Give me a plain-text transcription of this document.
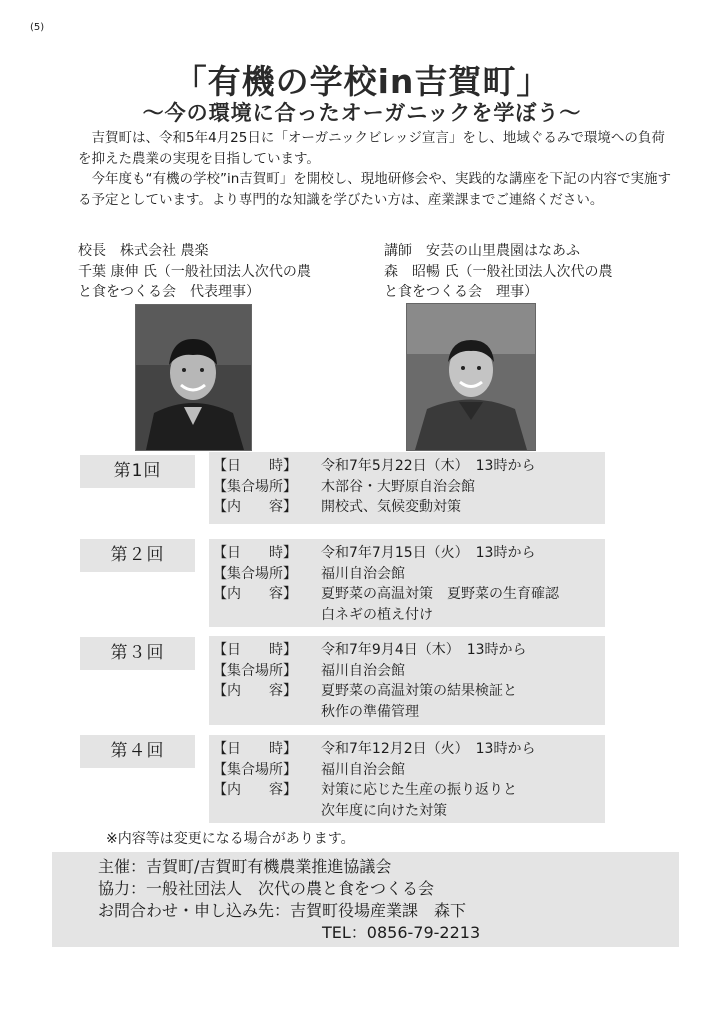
(5)
「有機の学校in吉賀町」
～今の環境に合ったオーガニックを学ぼう～

吉賀町は、令和5年4月25日に「オーガニックビレッジ宣言」をし、地域ぐるみで環境への負荷を抑えた農業の実現を目指しています。

今年度も“有機の学校”in吉賀町」を開校し、現地研修会や、実践的な講座を下記の内容で実施する予定としています。より専門的な知識を学びたい方は、産業課までご連絡ください。

校長　株式会社 農楽
千葉 康伸 氏（一般社団法人次代の農
と食をつくる会　代表理事）
講師　安芸の山里農園はなあふ
森　昭暢 氏（一般社団法人次代の農
と食をつくる会　理事）
第1回	【日　　時】 令和7年5月22日（木）　13時から
【集合場所】 木部谷・大野原自治会館
【内　　容】 開校式、気候変動対策
第２回	【日　　時】 令和7年7月15日（火）　13時から
【集合場所】 福川自治会館
【内　　容】 夏野菜の高温対策　夏野菜の生育確認
白ネギの植え付け
第３回	【日　　時】 令和7年9月4日（木）　13時から
【集合場所】 福川自治会館
【内　　容】 夏野菜の高温対策の結果検証と
秋作の準備管理
第４回	【日　　時】 令和7年12月2日（火）　13時から
【集合場所】 福川自治会館
【内　　容】 対策に応じた生産の振り返りと
次年度に向けた対策
※内容等は変更になる場合があります。
主催：吉賀町/吉賀町有機農業推進協議会
協力：一般社団法人　次代の農と食をつくる会
お問合わせ・申し込み先：吉賀町役場産業課　森下
TEL：0856-79-2213
